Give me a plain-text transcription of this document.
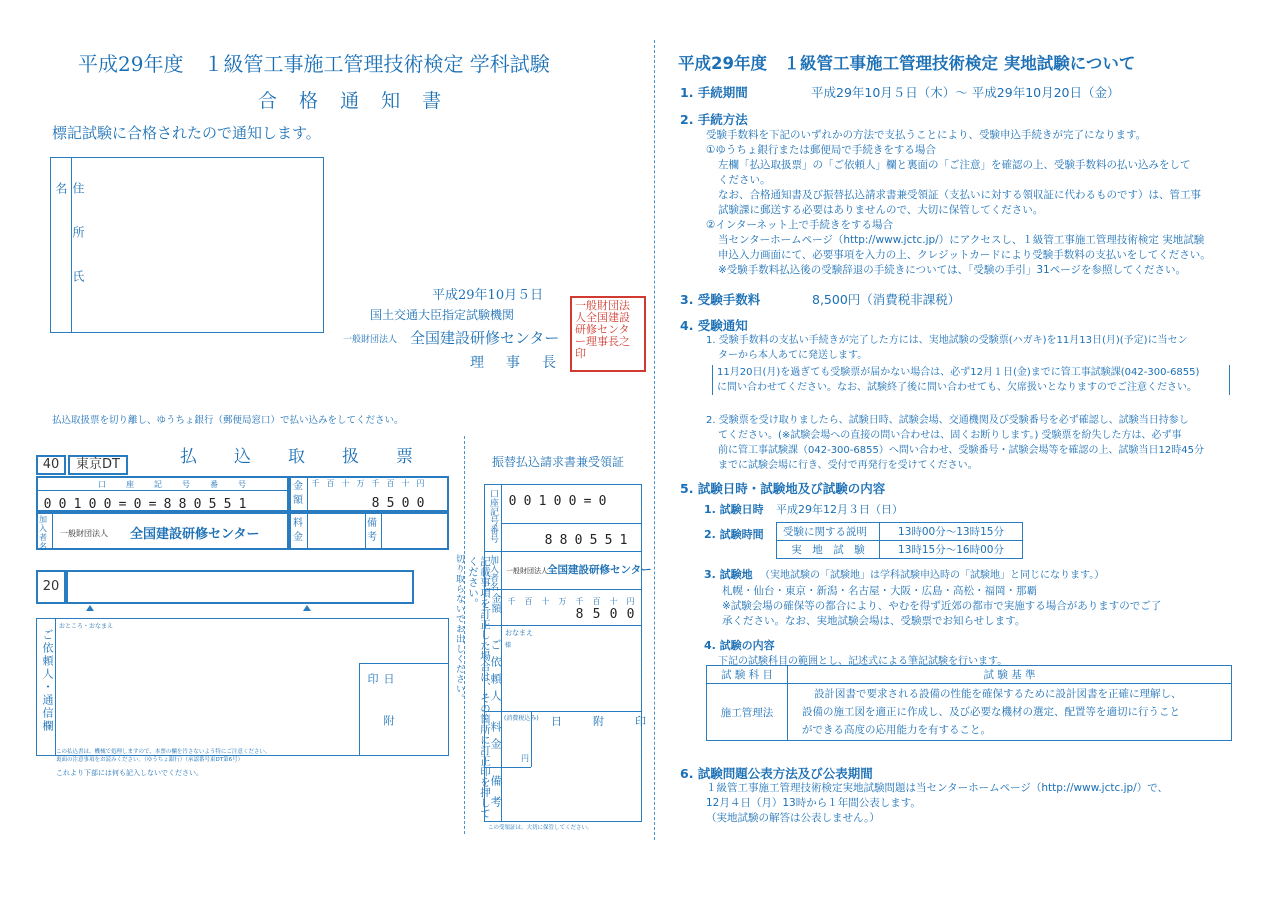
平成29年度　１級管工事施工管理技術検定 学科試験
合 格 通 知 書
標記試験に合格されたので通知します。
住　所　氏　名
平成29年10月５日
国土交通大臣指定試験機関
一般財団法人 全国建設研修センター
理　事　長
一般財団法人全国建設研修センター理事長之印
払込取扱票を切り離し、ゆうちょ銀行（郵便局窓口）で払い込みをしてください。
払　込　取　扱　票
40	東京DT
口　座　記　号　番　号
0 0 1 0 0 = 0 = 8 8 0 5 5 1
金
額
千 百 十 万 千 百 十 円
8 5 0 0
加入者名
一般財団法人 全国建設研修センター
料金
備考
20
ご依頼人・通信欄
おところ・おなまえ
日　附　印
この払込書は、機械で処理しますので、本票の欄を汚さないよう特にご注意ください。
裏面の注意事項をお読みください。（ゆうちょ銀行）（承認番号東DT第6号）
これより下部には何も記入しないでください。
切り取らないでお出しください。	記載事項を訂正した場合は、その箇所に訂正印を押してください。
振替払込請求書兼受領証
口座記号番号 0 0 1 0 0 = 0
8 8 0 5 5 1
加入者名 一般財団法人 全国建設研修センター
金額 千 百 十 万 千 百 十 円
8 5 0 0
ご依頼人
おなまえ
様
料金
(消費税込み)
円
日　附　印
備考
この受領証は、大切に保管してください。
平成29年度　１級管工事施工管理技術検定 実地試験について
1. 手続期間	平成29年10月５日（木）～ 平成29年10月20日（金）
2. 手続方法
受験手数料を下記のいずれかの方法で支払うことにより、受験申込手続きが完了になります。
①ゆうちょ銀行または郵便局で手続きをする場合
左欄「払込取扱票」の「ご依頼人」欄と裏面の「ご注意」を確認の上、受験手数料の払い込みをして
ください。
なお、合格通知書及び振替払込請求書兼受領証（支払いに対する領収証に代わるものです）は、管工事
試験課に郵送する必要はありませんので、大切に保管してください。
②インターネット上で手続きをする場合
当センターホームページ（http://www.jctc.jp/）にアクセスし、１級管工事施工管理技術検定 実地試験
申込入力画面にて、必要事項を入力の上、クレジットカードにより受験手数料の支払いをしてください。
※受験手数料払込後の受験辞退の手続きについては、「受験の手引」31ページを参照してください。
3. 受験手数料	8,500円（消費税非課税）
4. 受験通知
1. 受験手数料の支払い手続きが完了した方には、実地試験の受験票(ハガキ)を11月13日(月)(予定)に当セン
ターから本人あてに発送します。
11月20日(月)を過ぎても受験票が届かない場合は、必ず12月１日(金)までに管工事試験課(042-300-6855)
に問い合わせてください。なお、試験終了後に問い合わせても、欠席扱いとなりますのでご注意ください。
2. 受験票を受け取りましたら、試験日時、試験会場、交通機関及び受験番号を必ず確認し、試験当日持参し
てください。(※試験会場への直接の問い合わせは、固くお断りします。) 受験票を紛失した方は、必ず事
前に管工事試験課（042-300-6855）へ問い合わせ、受験番号・試験会場等を確認の上、試験当日12時45分
までに試験会場に行き、受付で再発行を受けてください。
5. 試験日時・試験地及び試験の内容
1. 試験日時 平成29年12月３日（日）
2. 試験時間 受験に関する説明	13時00分～13時15分
実　地　試　験	13時15分～16時00分
3. 試験地 （実地試験の「試験地」は学科試験申込時の「試験地」と同じになります。）
札幌・仙台・東京・新潟・名古屋・大阪・広島・高松・福岡・那覇
※試験会場の確保等の都合により、やむを得ず近郊の都市で実施する場合がありますのでご了
承ください。なお、実地試験会場は、受験票でお知らせします。
4. 試験の内容
下記の試験科目の範囲とし、記述式による筆記試験を行います。
試 験 科 目	試 験 基 準
施工管理法	設計図書で要求される設備の性能を確保するために設計図書を正確に理解し、
設備の施工図を適正に作成し、及び必要な機材の選定、配置等を適切に行うこと
ができる高度の応用能力を有すること。
6. 試験問題公表方法及び公表期間
１級管工事施工管理技術検定実地試験問題は当センターホームページ（http://www.jctc.jp/）で、
12月４日（月）13時から１年間公表します。
（実地試験の解答は公表しません。）
